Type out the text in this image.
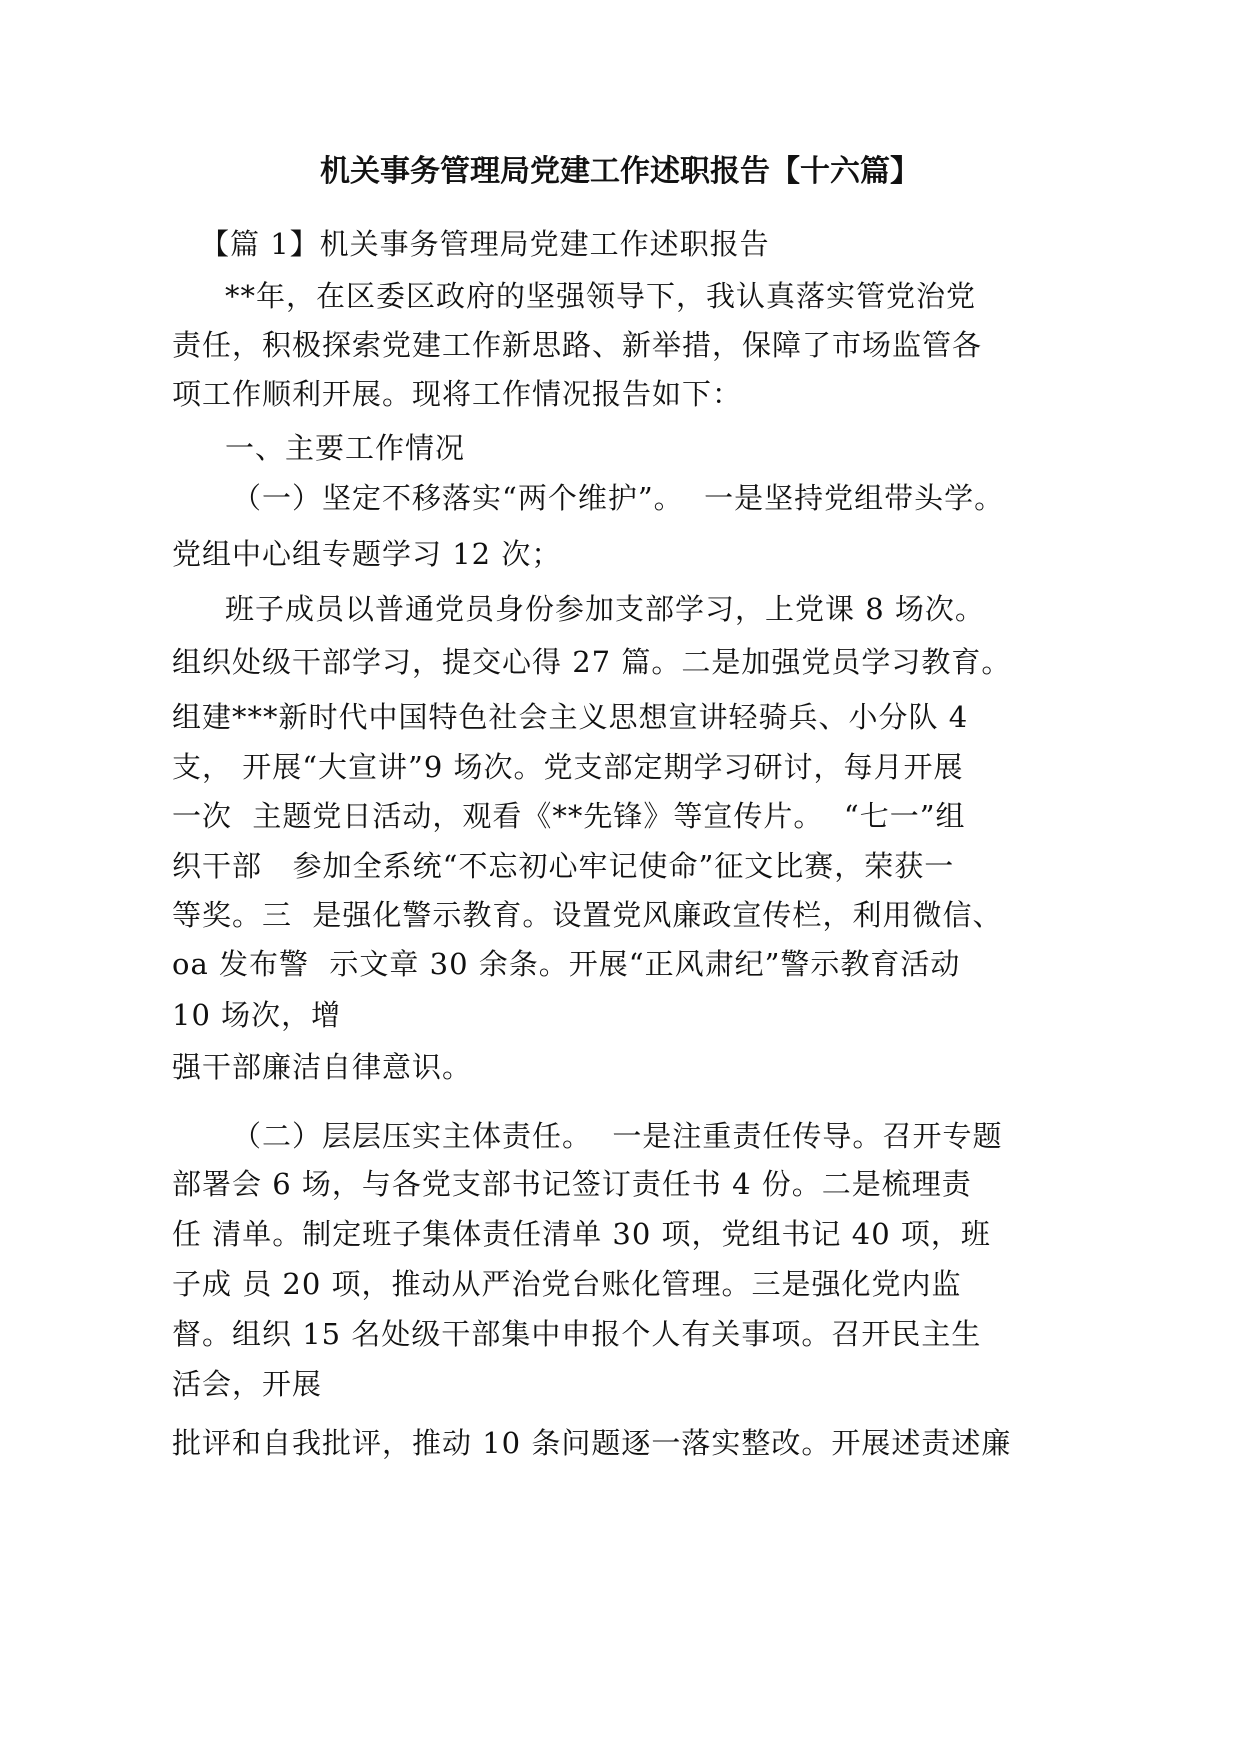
机关事务管理局党建工作述职报告【十六篇】
【篇 1】机关事务管理局党建工作述职报告
**年，在区委区政府的坚强领导下，我认真落实管党治党
责任，积极探索党建工作新思路、新举措，保障了市场监管各
项工作顺利开展。现将工作情况报告如下：
一、主要工作情况
（一）坚定不移落实“两个维护”。  一是坚持党组带头学。
党组中心组专题学习 12 次；
班子成员以普通党员身份参加支部学习，上党课 8 场次。
组织处级干部学习，提交心得 27 篇。二是加强党员学习教育。
组建***新时代中国特色社会主义思想宣讲轻骑兵、小分队 4
支， 开展“大宣讲”9 场次。党支部定期学习研讨，每月开展
一次  主题党日活动，观看《**先锋》等宣传片。  “七一”组
织干部   参加全系统“不忘初心牢记使命”征文比赛，荣获一
等奖。三  是强化警示教育。设置党风廉政宣传栏，利用微信、
oa 发布警  示文章 30 余条。开展“正风肃纪”警示教育活动
10 场次，增
强干部廉洁自律意识。
（二）层层压实主体责任。  一是注重责任传导。召开专题
部署会 6 场，与各党支部书记签订责任书 4 份。二是梳理责
任 清单。制定班子集体责任清单 30 项，党组书记 40 项，班
子成 员 20 项，推动从严治党台账化管理。三是强化党内监
督。组织 15 名处级干部集中申报个人有关事项。召开民主生
活会，开展
批评和自我批评，推动 10 条问题逐一落实整改。开展述责述廉
